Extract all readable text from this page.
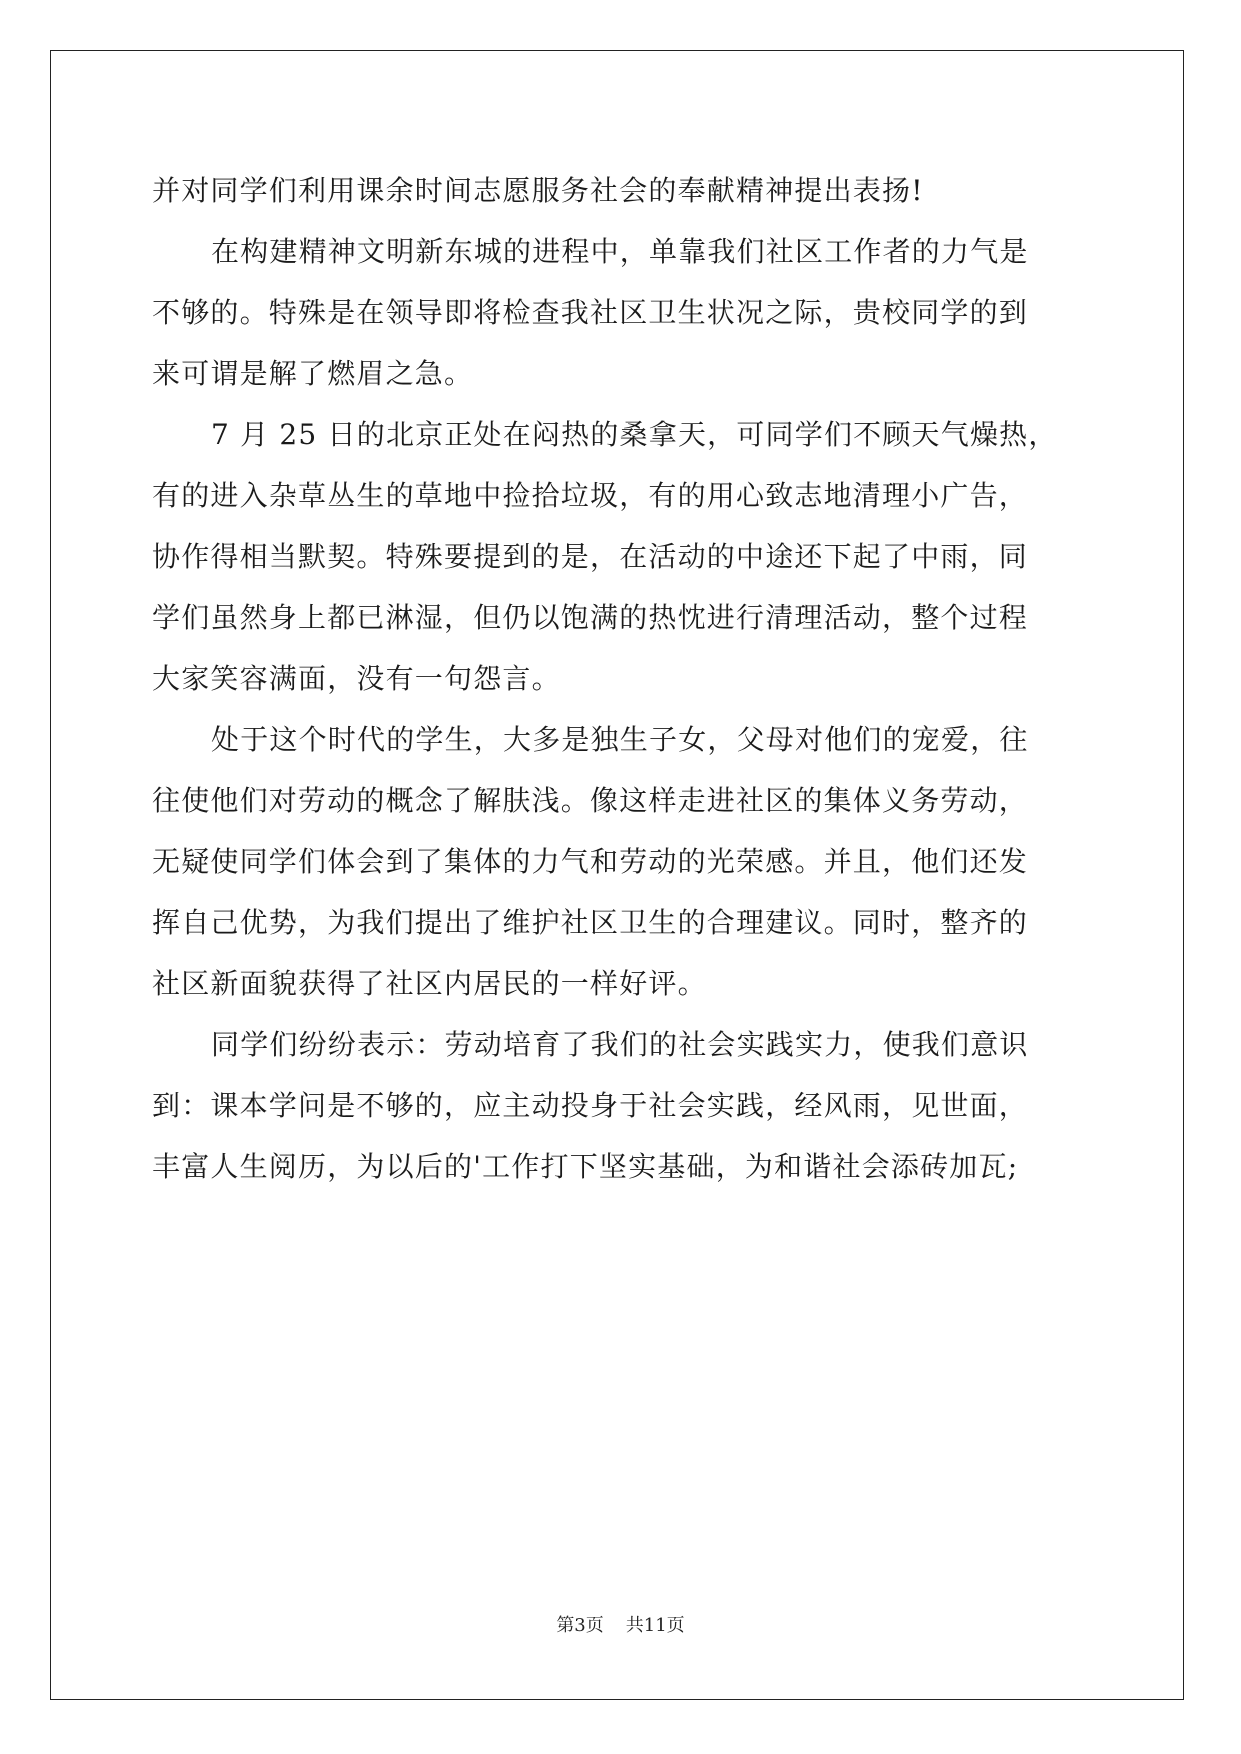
并对同学们利用课余时间志愿服务社会的奉献精神提出表扬!
在构建精神文明新东城的进程中，单靠我们社区工作者的力气是
不够的。特殊是在领导即将检查我社区卫生状况之际，贵校同学的到
来可谓是解了燃眉之急。
7 月 25 日的北京正处在闷热的桑拿天，可同学们不顾天气燥热，
有的进入杂草丛生的草地中捡拾垃圾，有的用心致志地清理小广告，
协作得相当默契。特殊要提到的是，在活动的中途还下起了中雨，同
学们虽然身上都已淋湿，但仍以饱满的热忱进行清理活动，整个过程
大家笑容满面，没有一句怨言。
处于这个时代的学生，大多是独生子女，父母对他们的宠爱，往
往使他们对劳动的概念了解肤浅。像这样走进社区的集体义务劳动，
无疑使同学们体会到了集体的力气和劳动的光荣感。并且，他们还发
挥自己优势，为我们提出了维护社区卫生的合理建议。同时，整齐的
社区新面貌获得了社区内居民的一样好评。
同学们纷纷表示：劳动培育了我们的社会实践实力，使我们意识
到：课本学问是不够的，应主动投身于社会实践，经风雨，见世面，
丰富人生阅历，为以后的'工作打下坚实基础，为和谐社会添砖加瓦;
第3页 共11页
